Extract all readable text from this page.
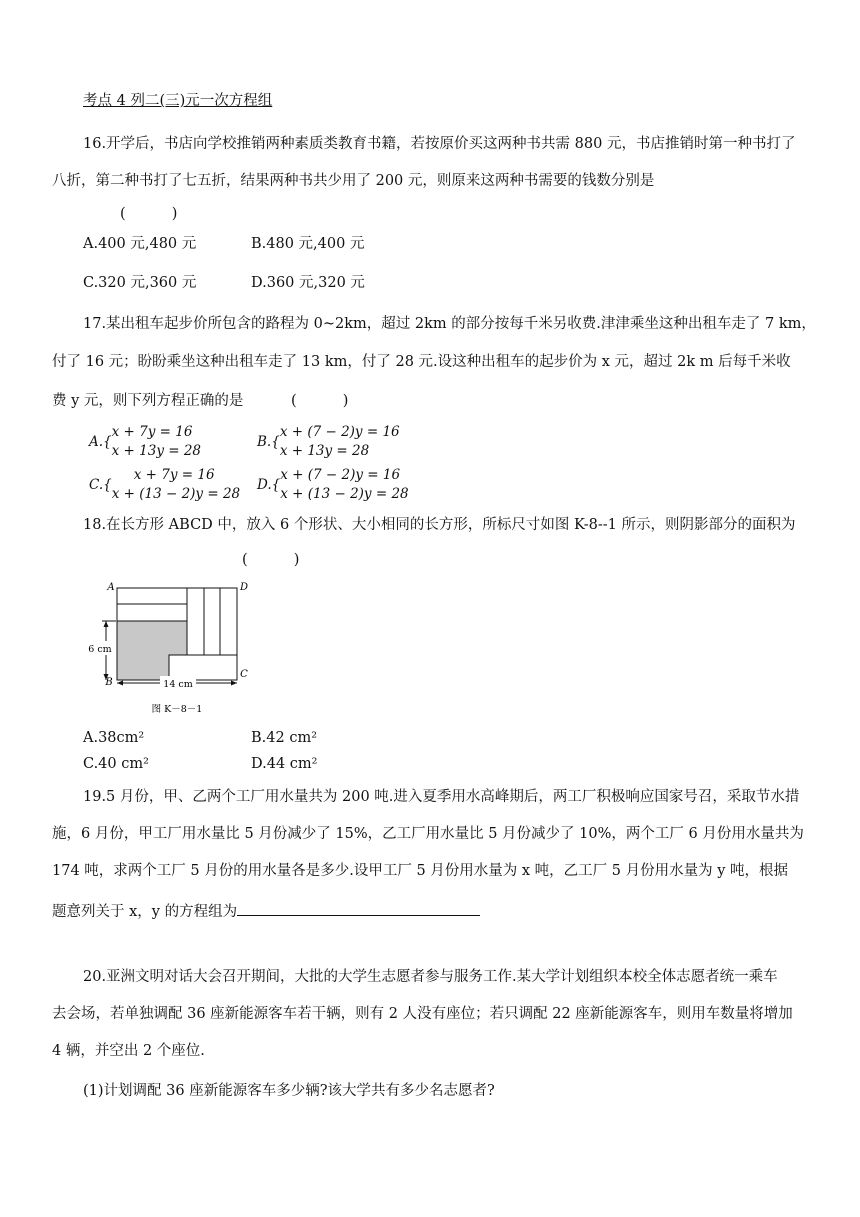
考点 4 列二(三)元一次方程组
16.开学后，书店向学校推销两种素质类教育书籍，若按原价买这两种书共需 880 元，书店推销时第一种书打了
八折，第二种书打了七五折，结果两种书共少用了 200 元，则原来这两种书需要的钱数分别是
(          )
A.400 元,480 元	B.480 元,400 元
C.320 元,360 元	D.360 元,320 元
17.某出租车起步价所包含的路程为 0~2km，超过 2km 的部分按每千米另收费.津津乘坐这种出租车走了 7 km，
付了 16 元；盼盼乘坐这种出租车走了 13 km，付了 28 元.设这种出租车的起步价为 x 元，超过 2k m 后每千米收
费 y 元，则下列方程正确的是	(          )
A.{
x + 7y = 16
x + 13y = 28
B.{
x + (7 − 2)y = 16
x + 13y = 28
C.{
x + 7y = 16
x + (13 − 2)y = 28
D.{
x + (7 − 2)y = 16
x + (13 − 2)y = 28
18.在长方形 ABCD 中，放入 6 个形状、大小相同的长方形，所标尺寸如图 K-8--1 所示，则阴影部分的面积为
(          )
A	D
B
C
6 cm
14 cm
图 K－8－1
A.38cm²	B.42 cm²
C.40 cm²	D.44 cm²
19.5 月份，甲、乙两个工厂用水量共为 200 吨.进入夏季用水高峰期后，两工厂积极响应国家号召，采取节水措
施，6 月份，甲工厂用水量比 5 月份减少了 15%，乙工厂用水量比 5 月份减少了 10%，两个工厂 6 月份用水量共为
174 吨，求两个工厂 5 月份的用水量各是多少.设甲工厂 5 月份用水量为 x 吨，乙工厂 5 月份用水量为 y 吨，根据
题意列关于 x，y 的方程组为
20.亚洲文明对话大会召开期间，大批的大学生志愿者参与服务工作.某大学计划组织本校全体志愿者统一乘车
去会场，若单独调配 36 座新能源客车若干辆，则有 2 人没有座位；若只调配 22 座新能源客车，则用车数量将增加
4 辆，并空出 2 个座位.
(1)计划调配 36 座新能源客车多少辆?该大学共有多少名志愿者?
